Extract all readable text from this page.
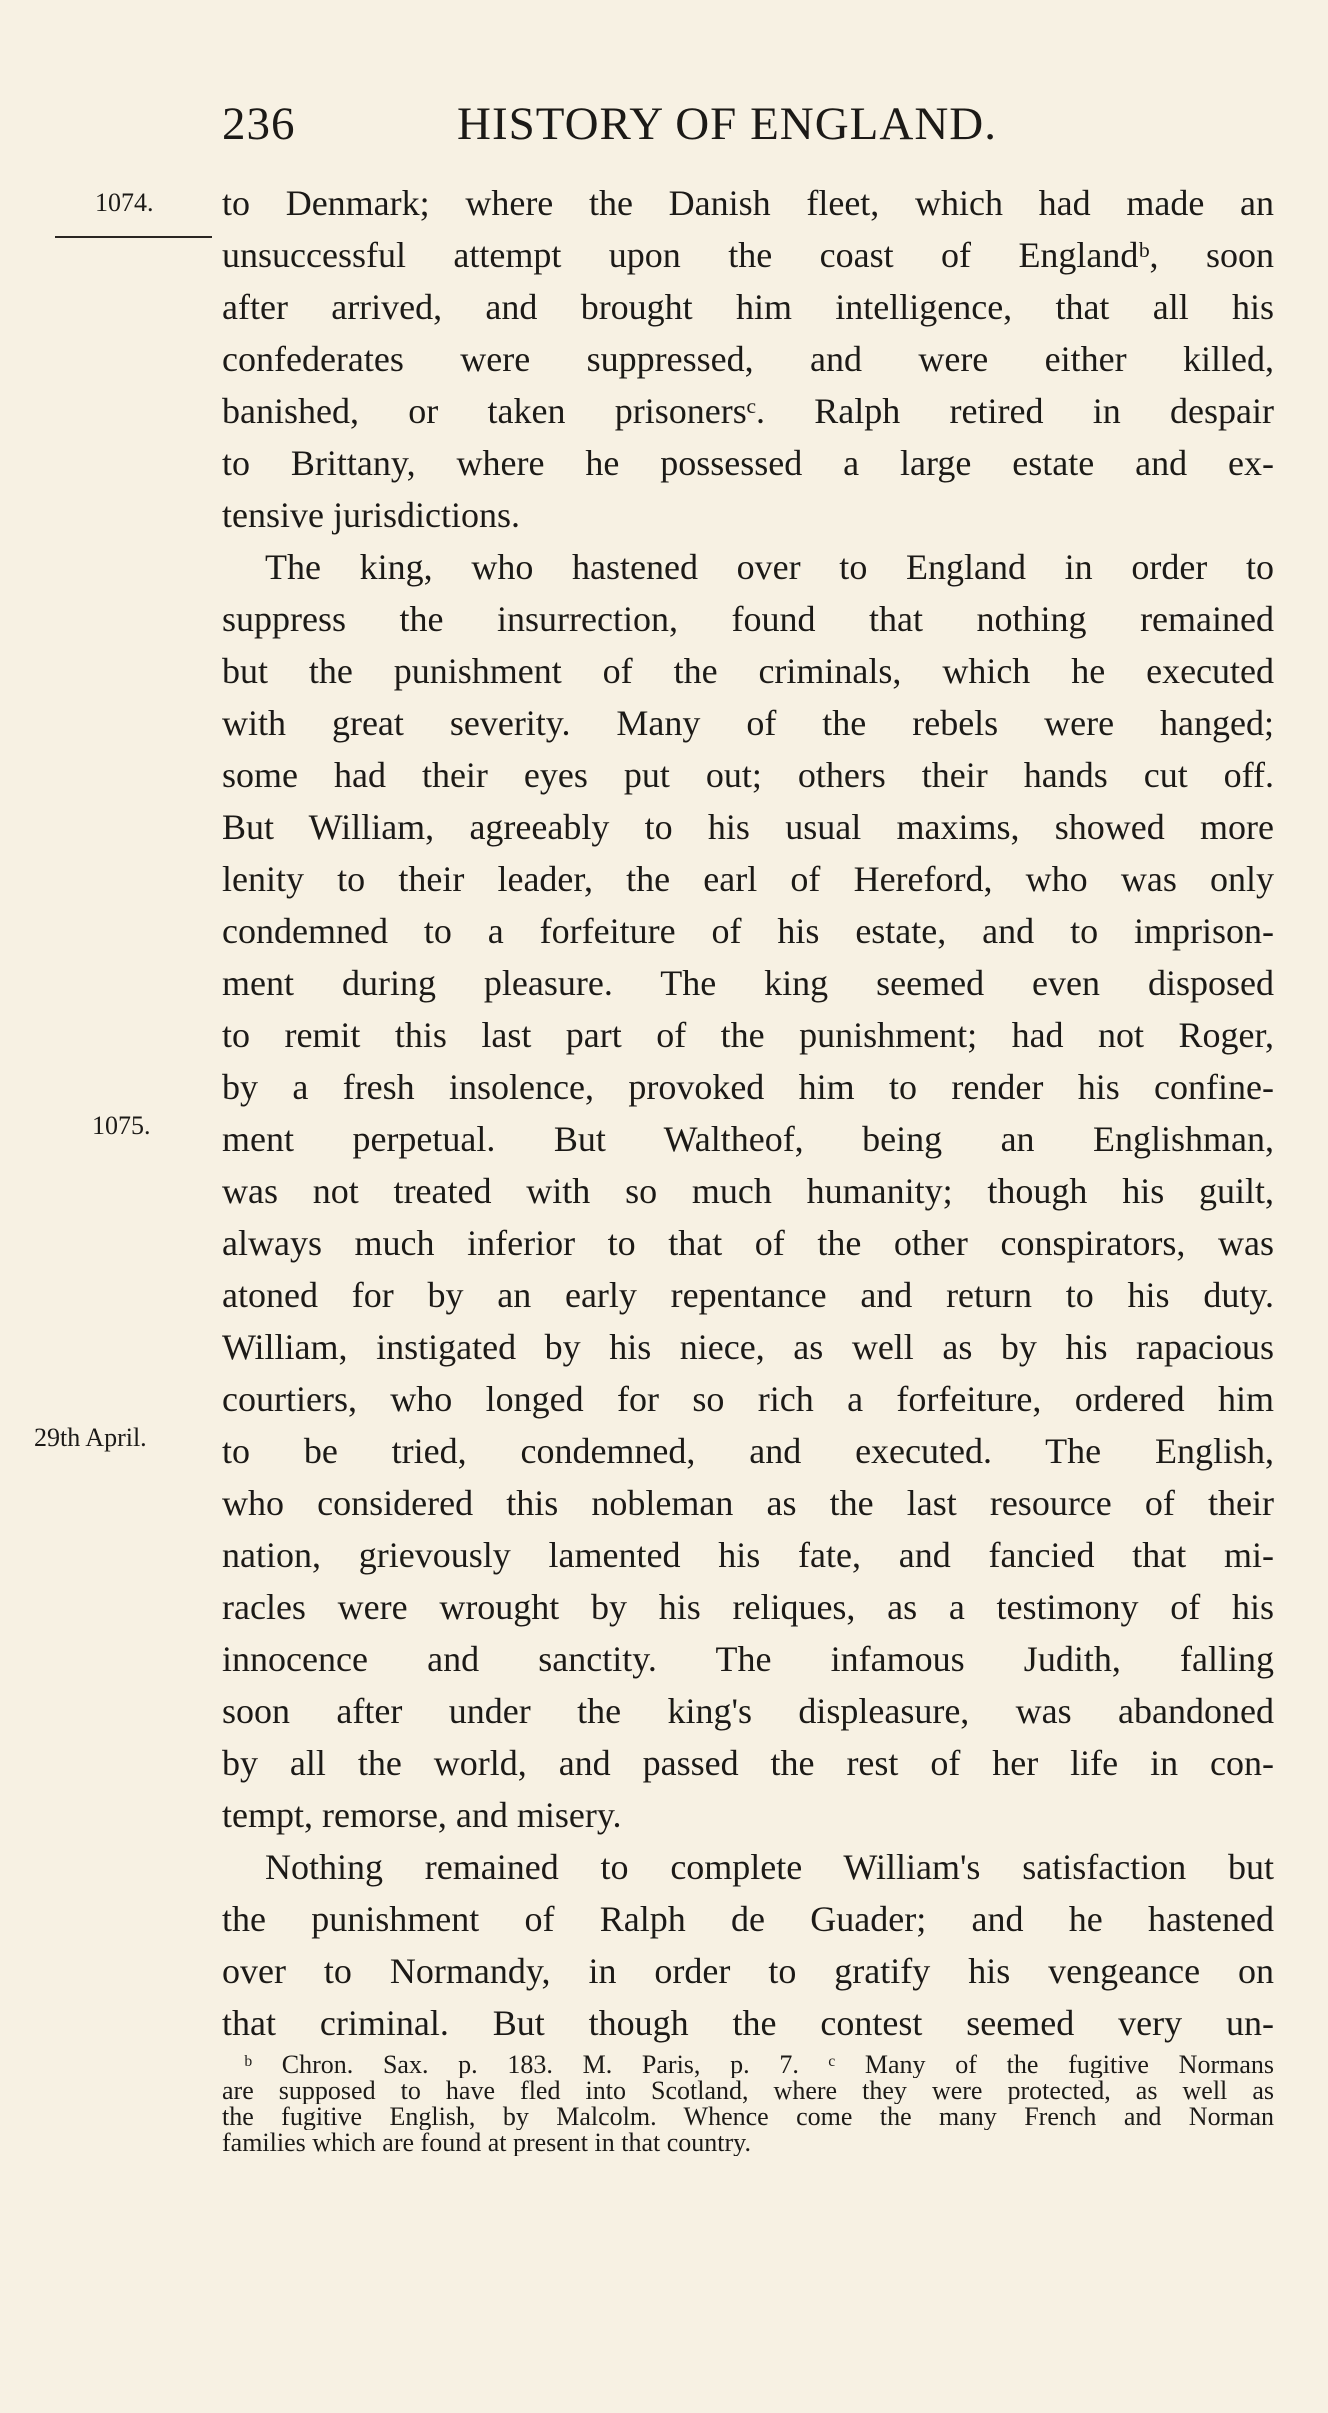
236	HISTORY OF ENGLAND.
1074.
1075.
29th April.
to Denmark; where the Danish fleet, which had made an
unsuccessful attempt upon the coast of Englandᵇ, soon
after arrived, and brought him intelligence, that all his
confederates were suppressed, and were either killed,
banished, or taken prisonersᶜ. Ralph retired in despair
to Brittany, where he possessed a large estate and ex-
tensive jurisdictions.
The king, who hastened over to England in order to
suppress the insurrection, found that nothing remained
but the punishment of the criminals, which he executed
with great severity. Many of the rebels were hanged;
some had their eyes put out; others their hands cut off.
But William, agreeably to his usual maxims, showed more
lenity to their leader, the earl of Hereford, who was only
condemned to a forfeiture of his estate, and to imprison-
ment during pleasure. The king seemed even disposed
to remit this last part of the punishment; had not Roger,
by a fresh insolence, provoked him to render his confine-
ment perpetual. But Waltheof, being an Englishman,
was not treated with so much humanity; though his guilt,
always much inferior to that of the other conspirators, was
atoned for by an early repentance and return to his duty.
William, instigated by his niece, as well as by his rapacious
courtiers, who longed for so rich a forfeiture, ordered him
to be tried, condemned, and executed. The English,
who considered this nobleman as the last resource of their
nation, grievously lamented his fate, and fancied that mi-
racles were wrought by his reliques, as a testimony of his
innocence and sanctity. The infamous Judith, falling
soon after under the king's displeasure, was abandoned
by all the world, and passed the rest of her life in con-
tempt, remorse, and misery.
Nothing remained to complete William's satisfaction but
the punishment of Ralph de Guader; and he hastened
over to Normandy, in order to gratify his vengeance on
that criminal. But though the contest seemed very un-
ᵇ Chron. Sax. p. 183. M. Paris, p. 7. ᶜ Many of the fugitive Normans
are supposed to have fled into Scotland, where they were protected, as well as
the fugitive English, by Malcolm. Whence come the many French and Norman
families which are found at present in that country.
